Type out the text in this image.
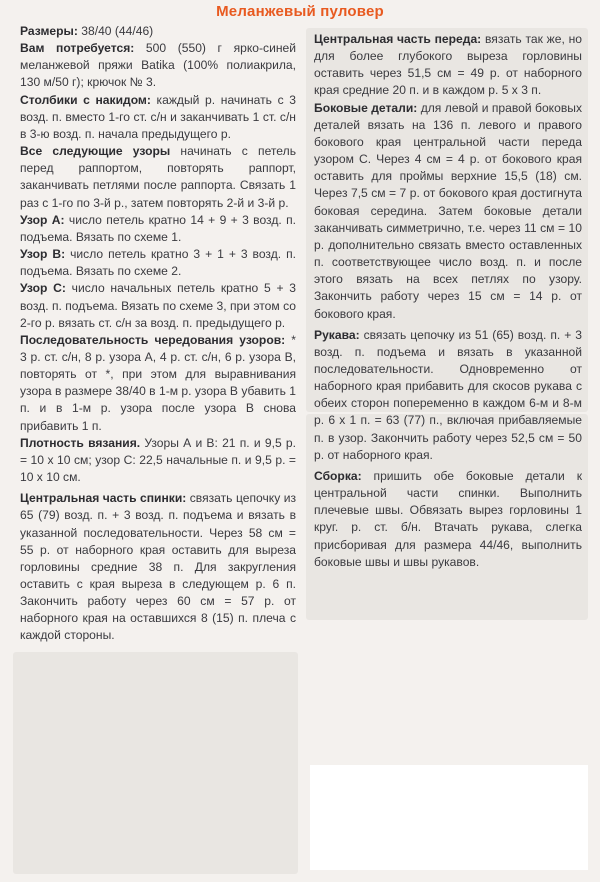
Меланжевый пуловер

Размеры: 38/40 (44/46)

Вам потребуется: 500 (550) г ярко-синей меланжевой пряжи Batika (100% полиакрила, 130 м/50 г); крючок № 3.

Столбики с накидом: каждый р. начинать с 3 возд. п. вместо 1-го ст. с/н и заканчивать 1 ст. с/н в 3-ю возд. п. начала предыдущего р.

Все следующие узоры начинать с петель перед раппортом, повторять раппорт, заканчивать петлями после раппорта. Связать 1 раз с 1-го по 3-й р., затем повторять 2-й и 3-й р.

Узор А: число петель кратно 14 + 9 + 3 возд. п. подъема. Вязать по схеме 1.

Узор В: число петель кратно 3 + 1 + 3 возд. п. подъема. Вязать по схеме 2.

Узор С: число начальных петель кратно 5 + 3 возд. п. подъема. Вязать по схеме 3, при этом со 2-го р. вязать ст. с/н за возд. п. предыдущего р.

Последовательность чередования узоров: * 3 р. ст. с/н, 8 р. узора А, 4 р. ст. с/н, 6 р. узора В, повторять от *, при этом для выравнивания узора в размере 38/40 в 1-м р. узора В убавить 1 п. и в 1-м р. узора после узора В снова прибавить 1 п.

Плотность вязания. Узоры А и В: 21 п. и 9,5 р. = 10 x 10 см; узор С: 22,5 начальные п. и 9,5 р. = 10 x 10 см.

Центральная часть спинки: связать цепочку из 65 (79) возд. п. + 3 возд. п. подъема и вязать в указанной последовательности. Через 58 см = 55 р. от наборного края оставить для выреза горловины средние 38 п. Для закругления оставить с края выреза в следующем р. 6 п. Закончить работу через 60 см = 57 р. от наборного края на оставшихся 8 (15) п. плеча с каждой стороны.

Центральная часть переда: вязать так же, но для более глубокого выреза горловины оставить через 51,5 см = 49 р. от наборного края средние 20 п. и в каждом р. 5 x 3 п.

Боковые детали: для левой и правой боковых деталей вязать на 136 п. левого и правого бокового края центральной части переда узором С. Через 4 см = 4 р. от бокового края оставить для проймы верхние 15,5 (18) см. Через 7,5 см = 7 р. от бокового края достигнута боковая середина. Затем боковые детали заканчивать симметрично, т.е. через 11 см = 10 р. дополнительно связать вместо оставленных п. соответствующее число возд. п. и после этого вязать на всех петлях по узору. Закончить работу через 15 см = 14 р. от бокового края.

Рукава: связать цепочку из 51 (65) возд. п. + 3 возд. п. подъема и вязать в указанной последовательности. Одновременно от наборного края прибавить для скосов рукава с обеих сторон попеременно в каждом 6-м и 8-м р. 6 x 1 п. = 63 (77) п., включая прибавляемые п. в узор. Закончить работу через 52,5 см = 50 р. от наборного края.

Сборка: пришить обе боковые детали к центральной части спинки. Выполнить плечевые швы. Обвязать вырез горловины 1 круг. р. ст. б/н. Втачать рукава, слегка присборивая для размера 44/46, выполнить боковые швы и швы рукавов.
